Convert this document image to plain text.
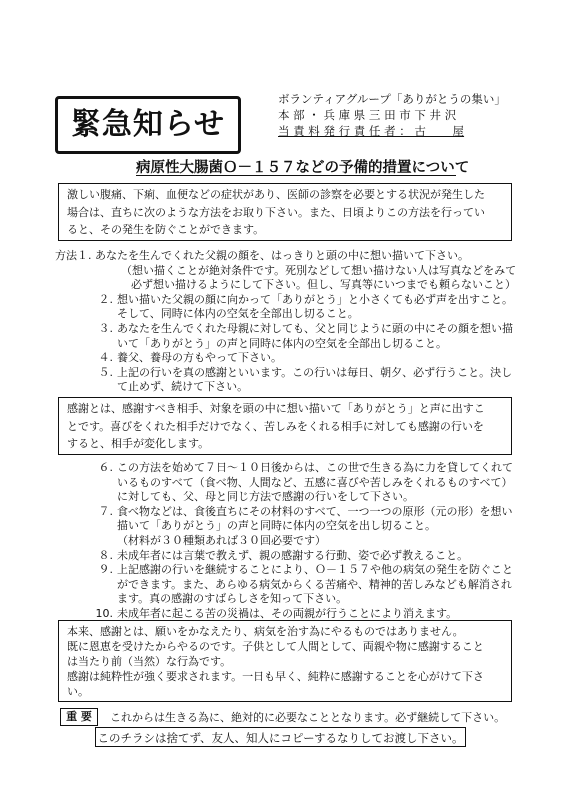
緊急知らせ
ボランティアグループ「ありがとうの集い」
本 部 ・ 兵 庫 県 三 田 市 下 井 沢
当 責 料 発 行 責 任 者 ： 古 　　屋
病原性大腸菌Ｏ－１５７などの予備的措置について

激しい腹痛、下痢、血便などの症状があり、医師の診察を必要とする状況が発生した

場合は、直ちに次のような方法をお取り下さい。また、日頃よりこの方法を行ってい

ると、その発生を防ぐことができます。

方法１. あなたを生んでくれた父親の顔を、はっきりと頭の中に想い描いて下さい。
（想い描くことが絶対条件です。死別などして想い描けない人は写真などをみて
必ず想い描けるようにして下さい。但し、写真等にいつまでも頼らないこと）
２. 想い描いた父親の顔に向かって「ありがとう」と小さくても必ず声を出すこと。
そして、同時に体内の空気を全部出し切ること。
３. あなたを生んでくれた母親に対しても、父と同じように頭の中にその顔を想い描
いて「ありがとう」の声と同時に体内の空気を全部出し切ること。
４. 養父、養母の方もやって下さい。
５. 上記の行いを真の感謝といいます。この行いは毎日、朝夕、必ず行うこと。決し
て止めず、続けて下さい。

感謝とは、感謝すべき相手、対象を頭の中に想い描いて「ありがとう」と声に出すこ

とです。喜びをくれた相手だけでなく、苦しみをくれる相手に対しても感謝の行いを

すると、相手が変化します。

６. この方法を始めて７日～１０日後からは、この世で生きる為に力を貸してくれて
いるものすべて（食べ物、人間など、五感に喜びや苦しみをくれるものすべて）
に対しても、父、母と同じ方法で感謝の行いをして下さい。
７. 食べ物などは、食後直ちにその材料のすべて、一つ一つの原形（元の形）を想い
描いて「ありがとう」の声と同時に体内の空気を出し切ること。
（材料が３０種類あれば３０回必要です）
８. 未成年者には言葉で教えず、親の感謝する行動、姿で必ず教えること。
９. 上記感謝の行いを継続することにより、Ｏ－１５７や他の病気の発生を防ぐこと
ができます。また、あらゆる病気からくる苦痛や、精神的苦しみなども解消され
ます。真の感謝のすばらしさを知って下さい。
10. 未成年者に起こる苦の災禍は、その両親が行うことにより消えます。

本来、感謝とは、願いをかなえたり、病気を治す為にやるものではありません。

既に恩恵を受けたからやるのです。子供として人間として、両親や物に感謝すること

は当たり前（当然）な行為です。

感謝は純粋性が強く要求されます。一日も早く、純粋に感謝することを心がけて下さ

い。

重 要	これからは生きる為に、絶対的に必要なこととなります。必ず継続して下さい。
このチラシは捨てず、友人、知人にコピーするなりしてお渡し下さい。
